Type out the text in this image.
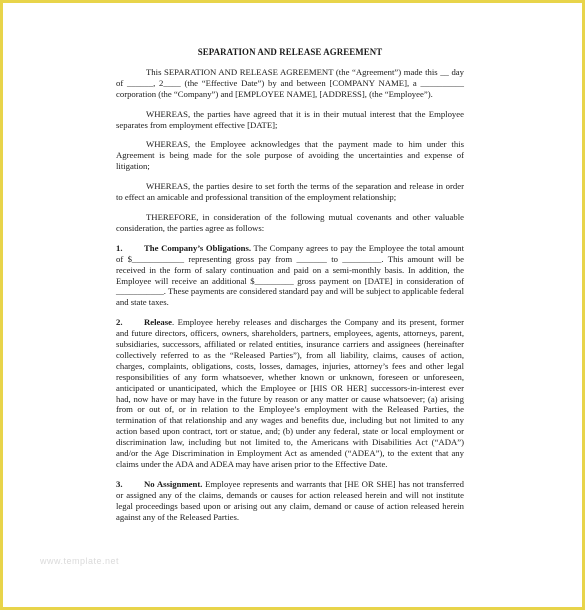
SEPARATION AND RELEASE AGREEMENT

This SEPARATION AND RELEASE AGREEMENT (the “Agreement”) made this __ day of ______, 2____ (the “Effective Date”) by and between [COMPANY NAME], a __________ corporation (the “Company”) and [EMPLOYEE NAME], [ADDRESS], (the “Employee”).

WHEREAS, the parties have agreed that it is in their mutual interest that the Employee separates from employment effective [DATE];

WHEREAS, the Employee acknowledges that the payment made to him under this Agreement is being made for the sole purpose of avoiding the uncertainties and expense of litigation;

WHEREAS, the parties desire to set forth the terms of the separation and release in order to effect an amicable and professional transition of the employment relationship;

THEREFORE, in consideration of the following mutual covenants and other valuable consideration, the parties agree as follows:

1. The Company’s Obligations. The Company agrees to pay the Employee the total amount of $____________ representing gross pay from _______ to _________. This amount will be received in the form of salary continuation and paid on a semi-monthly basis. In addition, the Employee will receive an additional $_________ gross payment on [DATE] in consideration of ___________. These payments are considered standard pay and will be subject to applicable federal and state taxes.

2. Release. Employee hereby releases and discharges the Company and its present, former and future directors, officers, owners, shareholders, partners, employees, agents, attorneys, parent, subsidiaries, successors, affiliated or related entities, insurance carriers and assignees (hereinafter collectively referred to as the “Released Parties”), from all liability, claims, causes of action, charges, complaints, obligations, costs, losses, damages, injuries, attorney’s fees and other legal responsibilities of any form whatsoever, whether known or unknown, foreseen or unforeseen, anticipated or unanticipated, which the Employee or [HIS OR HER] successors-in-interest ever had, now have or may have in the future by reason or any matter or cause whatsoever; (a) arising from or out of, or in relation to the Employee’s employment with the Released Parties, the termination of that relationship and any wages and benefits due, including but not limited to any action based upon contract, tort or statue, and; (b) under any federal, state or local employment or discrimination law, including but not limited to, the Americans with Disabilities Act (“ADA”) and/or the Age Discrimination in Employment Act as amended (“ADEA”), to the extent that any claims under the ADA and ADEA may have arisen prior to the Effective Date.

3. No Assignment. Employee represents and warrants that [HE OR SHE] has not transferred or assigned any of the claims, demands or causes for action released herein and will not institute legal proceedings based upon or arising out any claim, demand or cause of action released herein against any of the Released Parties.

www.template.net
